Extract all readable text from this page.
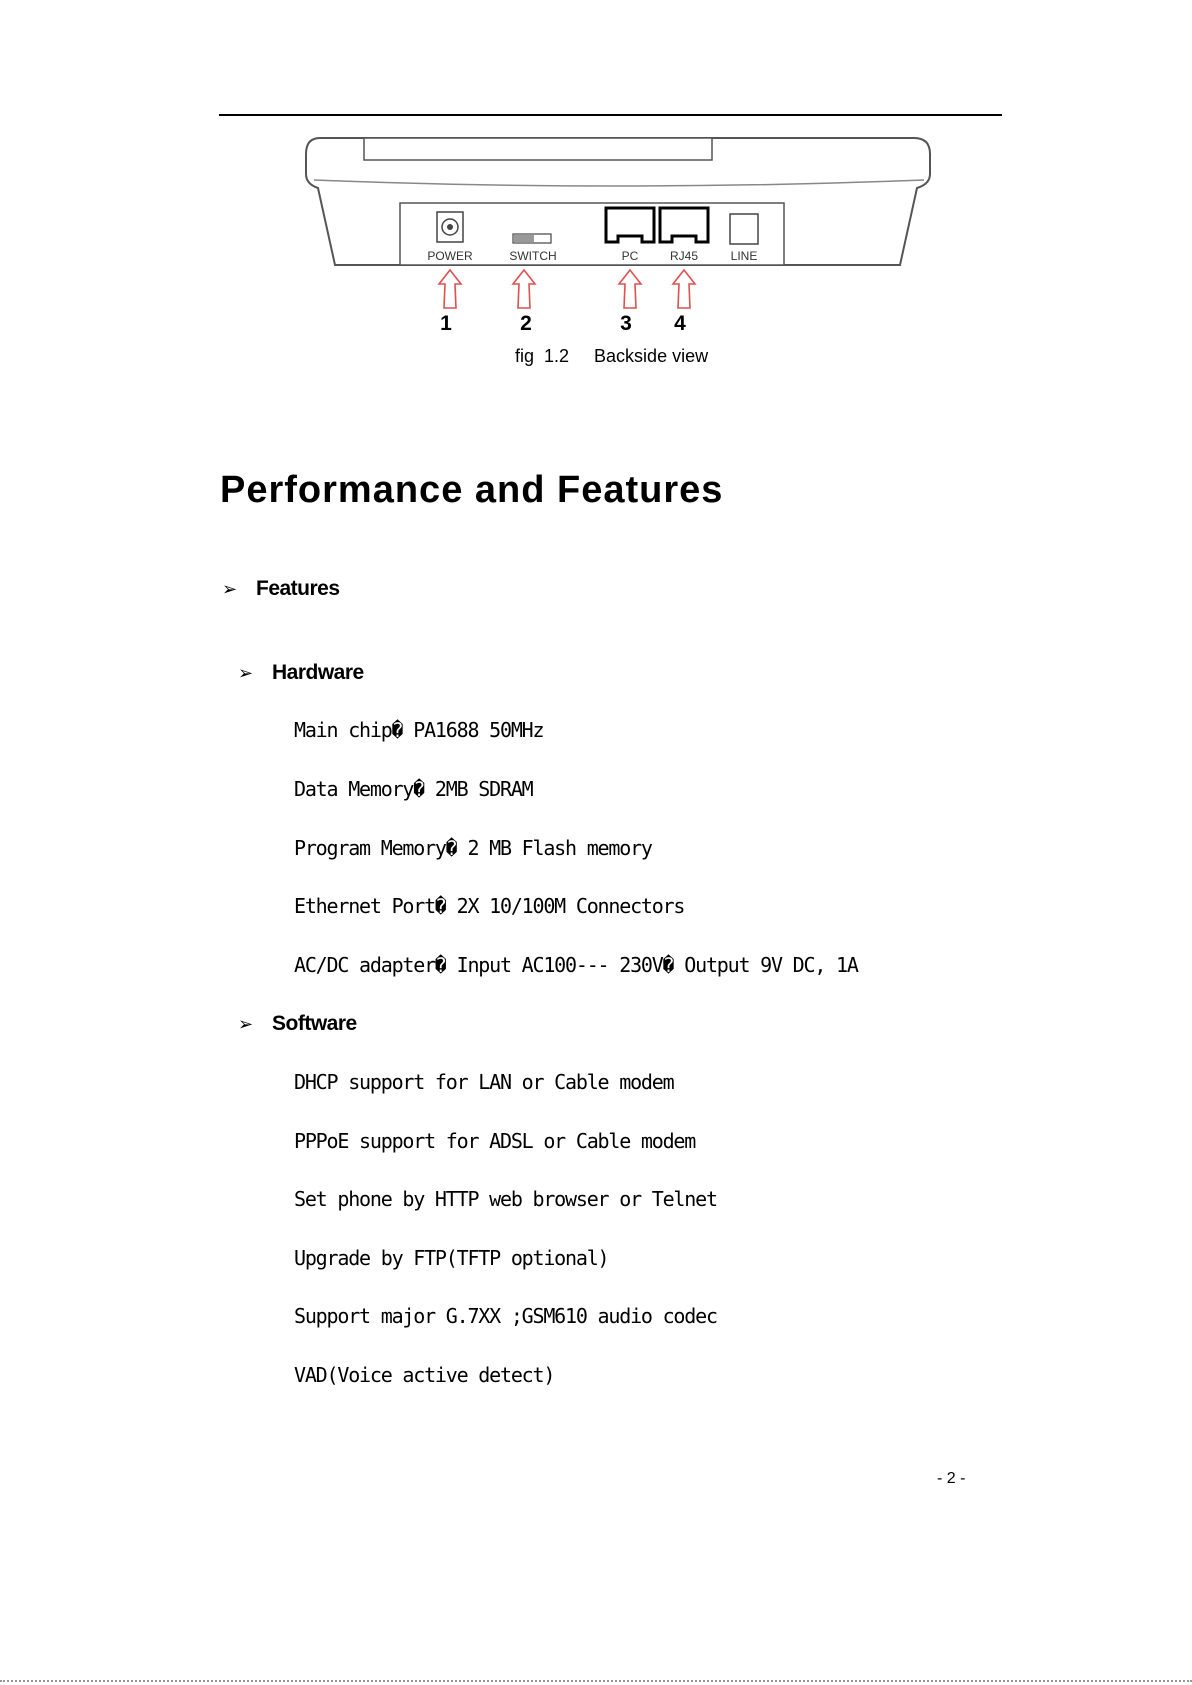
POWER	SWITCH	PC	RJ45	LINE
1	2	3 4
fig  1.2     Backside view
Performance and Features
➢ Features
➢ Hardware
Main chip� PA1688 50MHz
Data Memory� 2MB SDRAM
Program Memory� 2 MB Flash memory
Ethernet Port� 2X 10/100M Connectors
AC/DC adapter� Input AC100--- 230V� Output 9V DC, 1A
➢ Software
DHCP support for LAN or Cable modem
PPPoE support for ADSL or Cable modem
Set phone by HTTP web browser or Telnet
Upgrade by FTP(TFTP optional)
Support major G.7XX ;GSM610 audio codec
VAD(Voice active detect)
- 2 -
